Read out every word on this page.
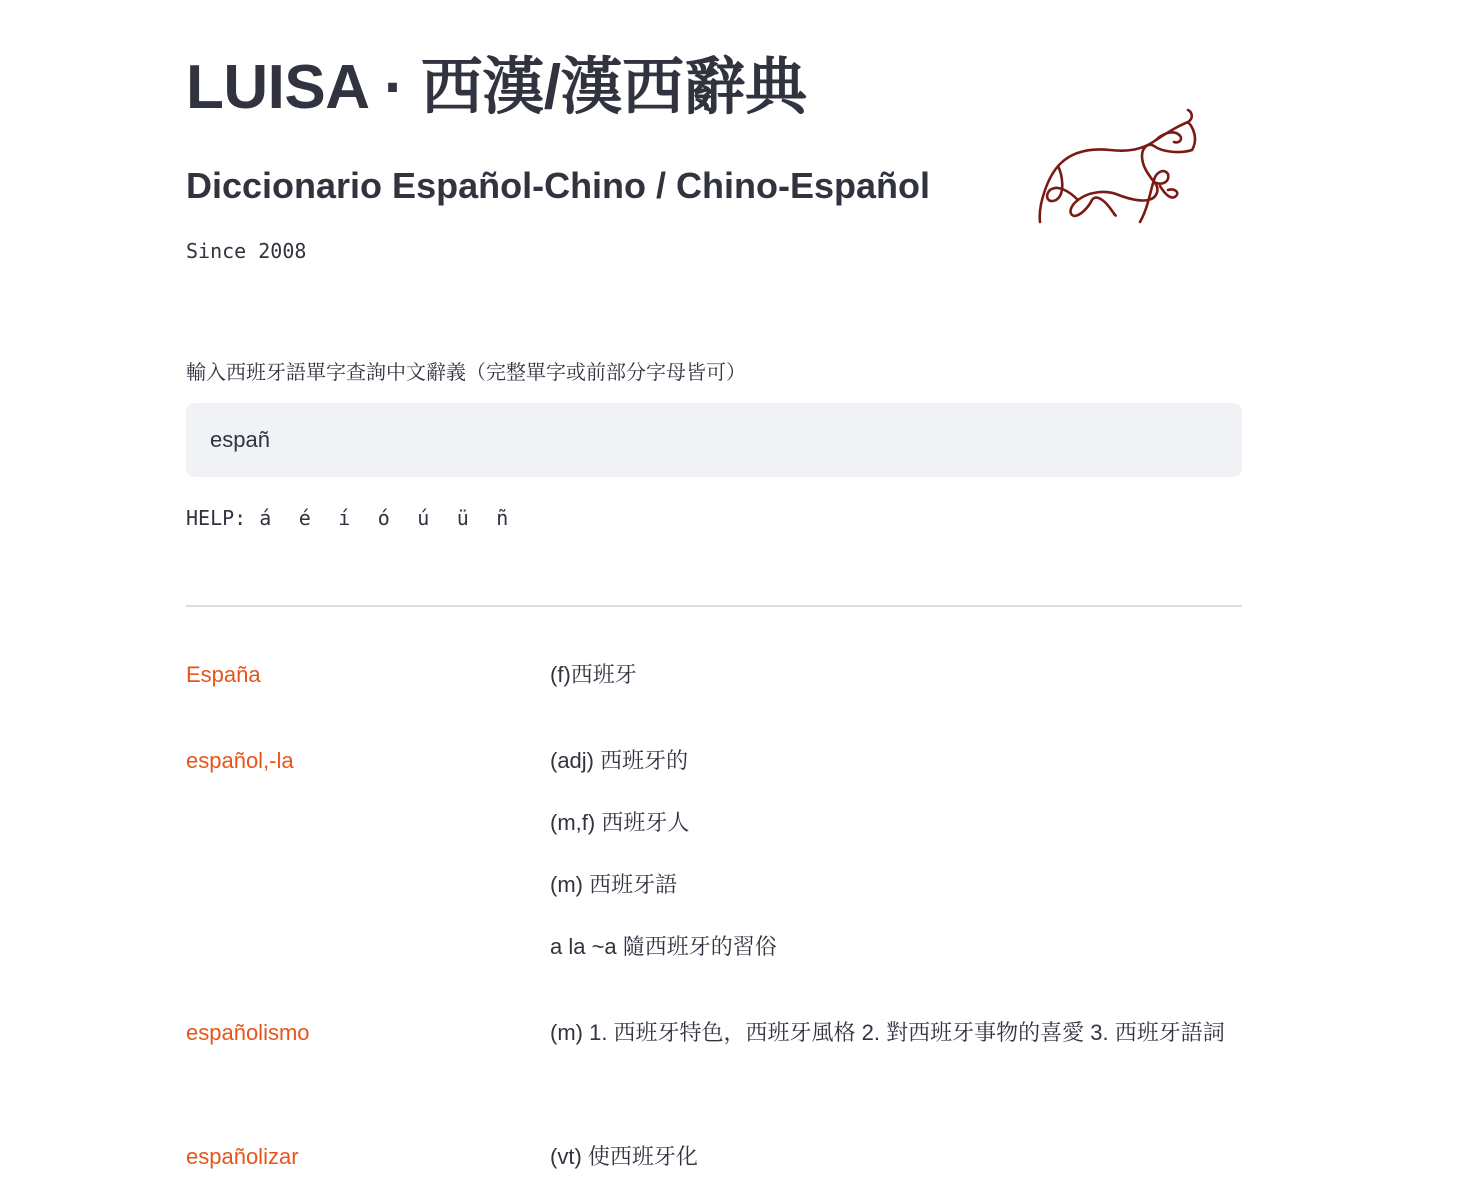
LUISA · 西漢/漢西辭典
Diccionario Español-Chino / Chino-Español
Since 2008
輸入西班牙語單字查詢中文辭義（完整單字或前部分字母皆可）
españ
HELP: á	é	í	ó	ú	ü	ñ
España	(f)西班牙
español,-la	(adj) 西班牙的
(m,f) 西班牙人
(m) 西班牙語
a la ~a 隨西班牙的習俗
españolismo	(m) 1. 西班牙特色，西班牙風格 2. 對西班牙事物的喜愛 3. 西班牙語詞
españolizar	(vt) 使西班牙化
